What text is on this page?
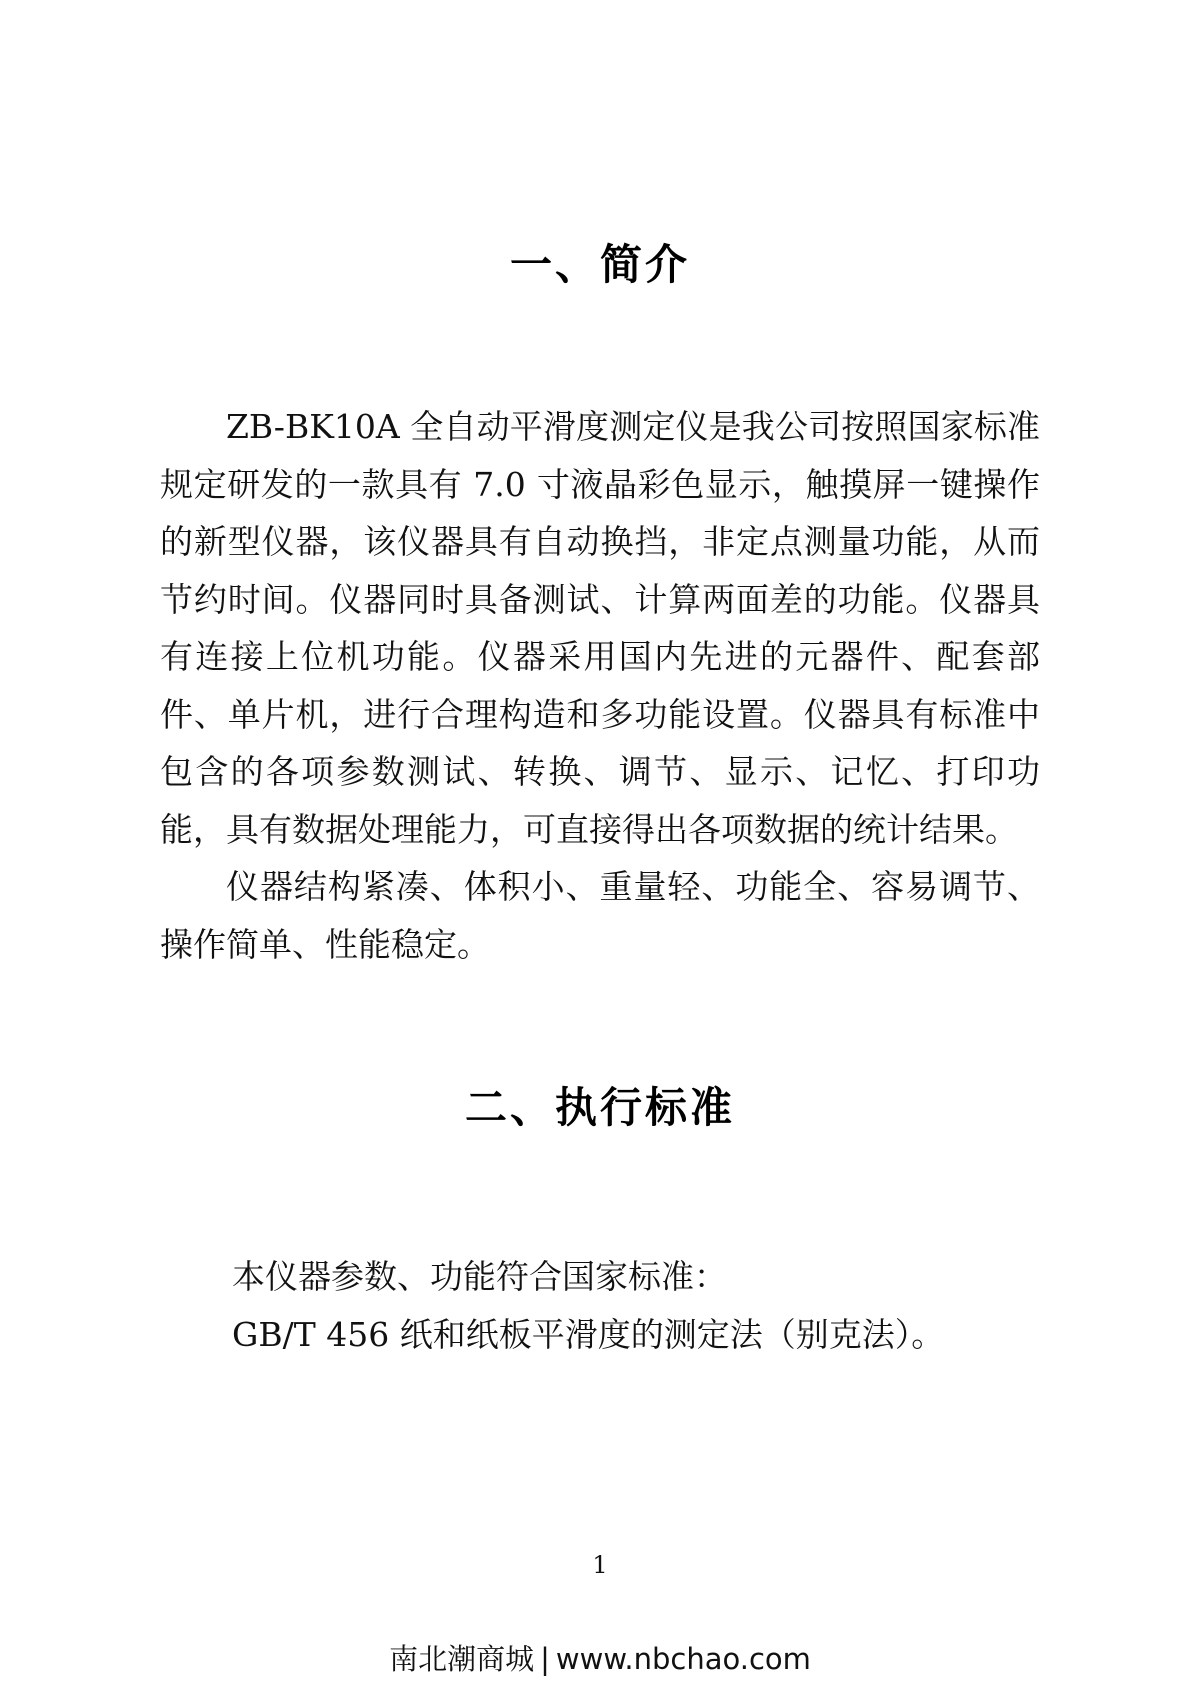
一、简介

ZB-BK10A 全自动平滑度测定仪是我公司按照国家标准规定研发的一款具有 7.0 寸液晶彩色显示，触摸屏一键操作的新型仪器，该仪器具有自动换挡，非定点测量功能，从而节约时间。仪器同时具备测试、计算两面差的功能。仪器具有连接上位机功能。仪器采用国内先进的元器件、配套部件、单片机，进行合理构造和多功能设置。仪器具有标准中包含的各项参数测试、转换、调节、显示、记忆、打印功能，具有数据处理能力，可直接得出各项数据的统计结果。

仪器结构紧凑、体积小、重量轻、功能全、容易调节、操作简单、性能稳定。

二、执行标准

本仪器参数、功能符合国家标准：

GB/T 456 纸和纸板平滑度的测定法（别克法）。

1
南北潮商城 | www.nbchao.com
